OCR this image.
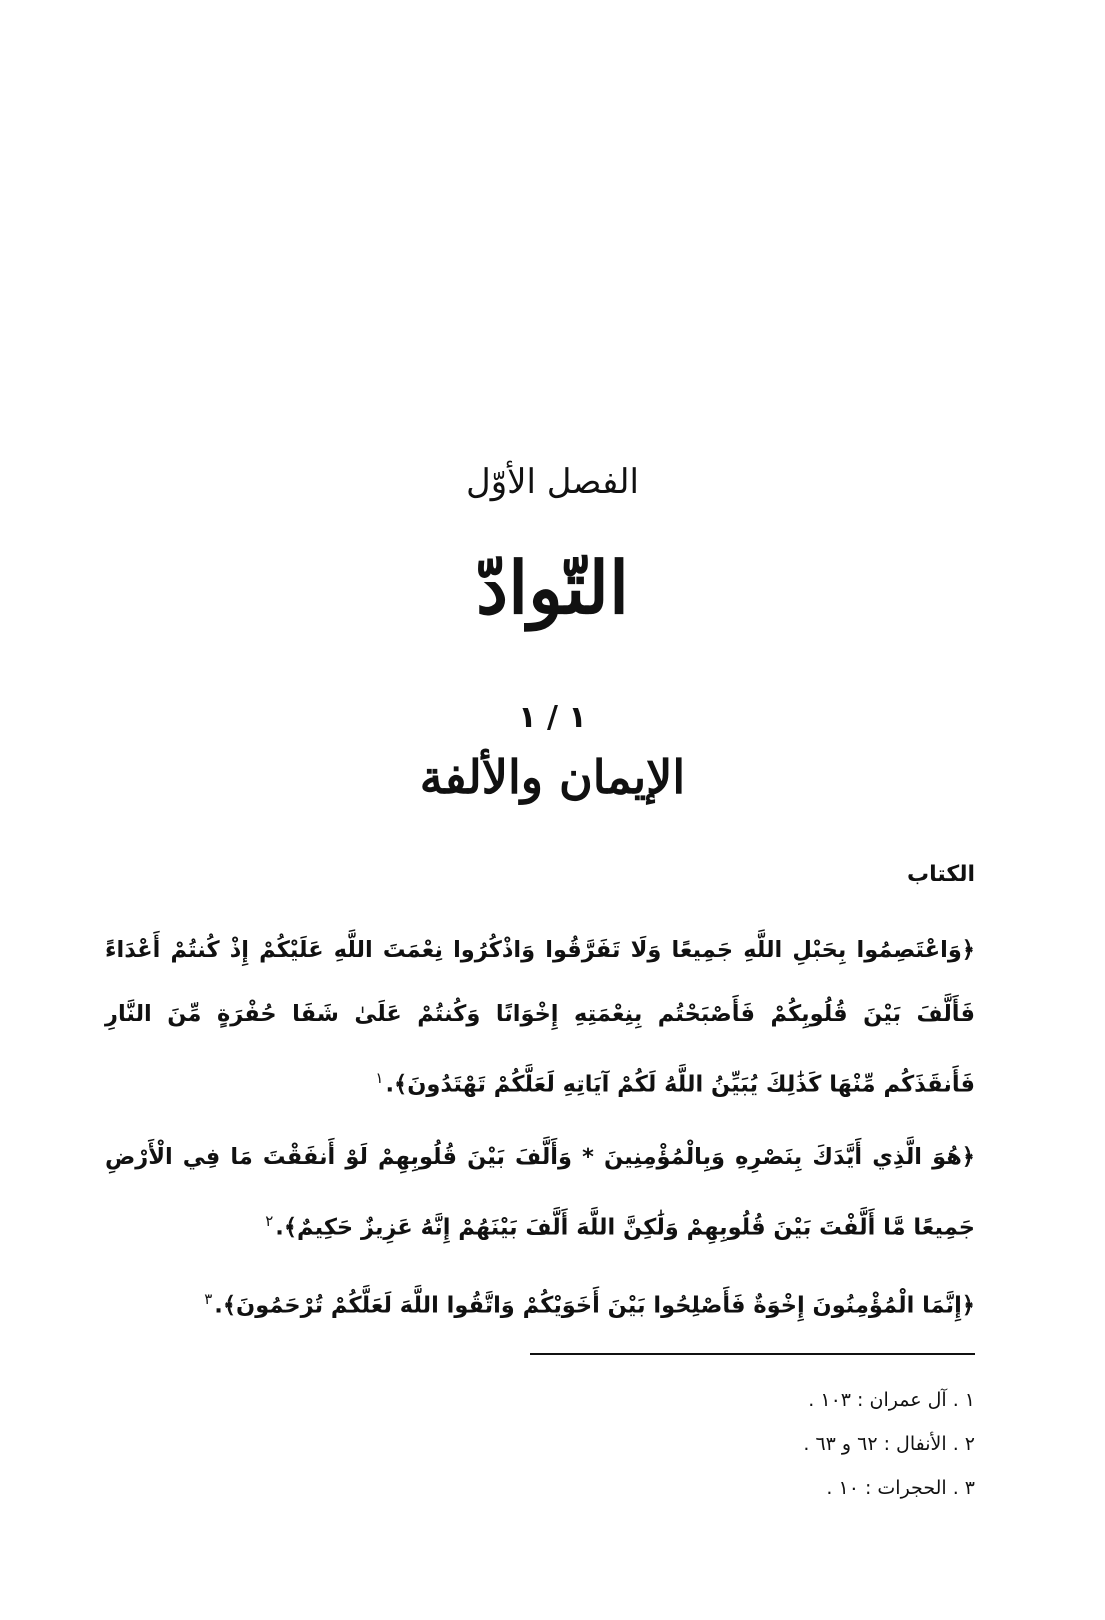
الفصل الأوّل
التّوادّ
١ / ١
الإيمان والألفة
الكتاب

﴿وَاعْتَصِمُوا بِحَبْلِ اللَّهِ جَمِيعًا وَلَا تَفَرَّقُوا وَاذْكُرُوا نِعْمَتَ اللَّهِ عَلَيْكُمْ إِذْ كُنتُمْ أَعْدَاءً فَأَلَّفَ بَيْنَ قُلُوبِكُمْ فَأَصْبَحْتُم بِنِعْمَتِهِ إِخْوَانًا وَكُنتُمْ عَلَىٰ شَفَا حُفْرَةٍ مِّنَ النَّارِ فَأَنقَذَكُم مِّنْهَا كَذَٰلِكَ يُبَيِّنُ اللَّهُ لَكُمْ آيَاتِهِ لَعَلَّكُمْ تَهْتَدُونَ﴾.$^١$

﴿هُوَ الَّذِي أَيَّدَكَ بِنَصْرِهِ وَبِالْمُؤْمِنِينَ * وَأَلَّفَ بَيْنَ قُلُوبِهِمْ لَوْ أَنفَقْتَ مَا فِي الْأَرْضِ جَمِيعًا مَّا أَلَّفْتَ بَيْنَ قُلُوبِهِمْ وَلَٰكِنَّ اللَّهَ أَلَّفَ بَيْنَهُمْ إِنَّهُ عَزِيزٌ حَكِيمٌ﴾.$^٢$

﴿إِنَّمَا الْمُؤْمِنُونَ إِخْوَةٌ فَأَصْلِحُوا بَيْنَ أَخَوَيْكُمْ وَاتَّقُوا اللَّهَ لَعَلَّكُمْ تُرْحَمُونَ﴾.$^٣$

١ . آل عمران : ١٠٣ .

٢ . الأنفال : ٦٢ و ٦٣ .

٣ . الحجرات : ١٠ .
